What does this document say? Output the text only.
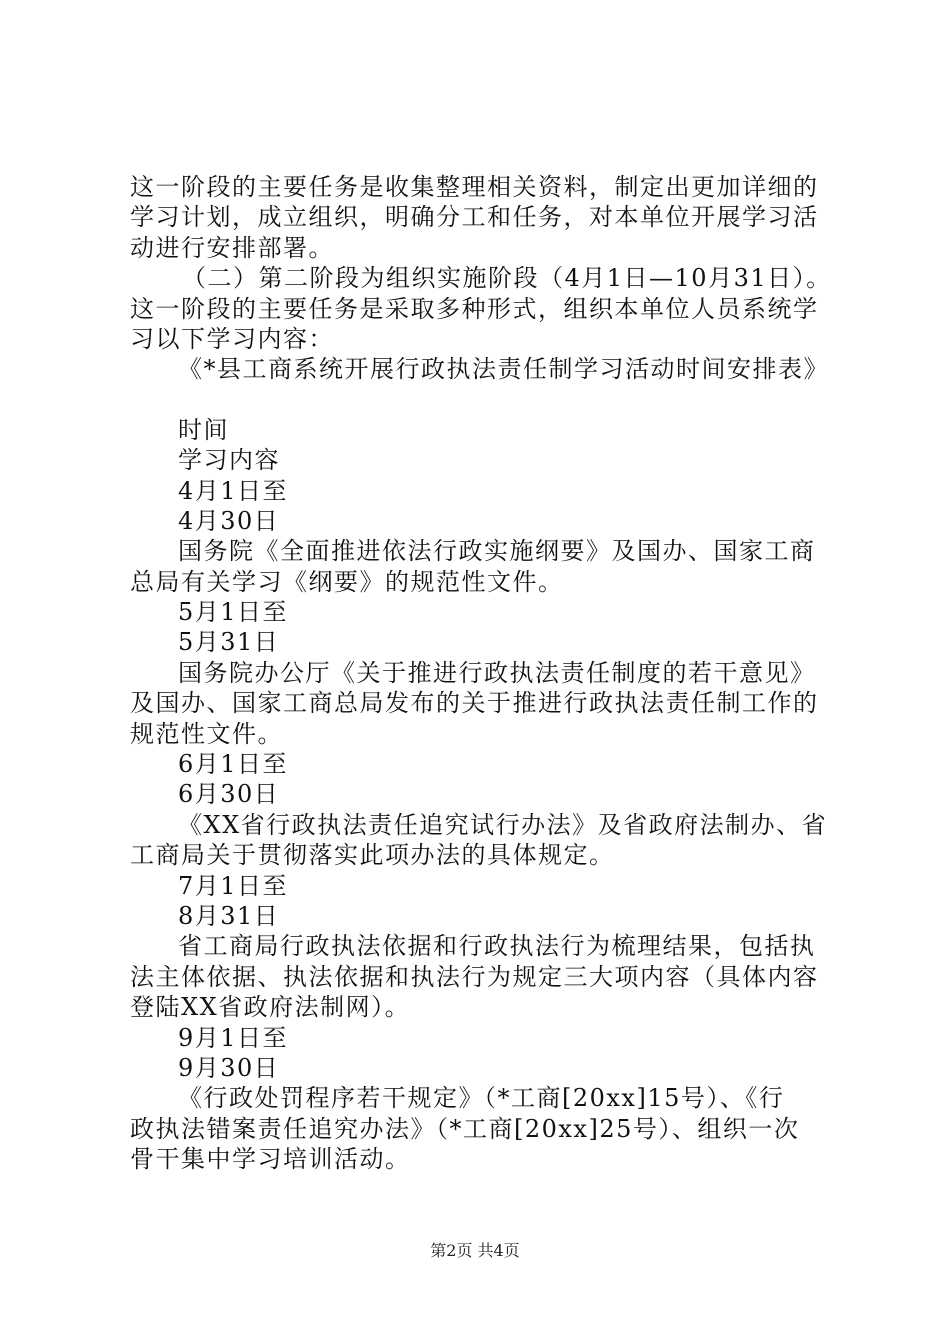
这一阶段的主要任务是收集整理相关资料，制定出更加详细的
学习计划，成立组织，明确分工和任务，对本单位开展学习活
动进行安排部署。
（二）第二阶段为组织实施阶段（4月1日—10月31日）。
这一阶段的主要任务是采取多种形式，组织本单位人员系统学
习以下学习内容：
《*县工商系统开展行政执法责任制学习活动时间安排表》
时间
学习内容
4月1日至
4月30日
国务院《全面推进依法行政实施纲要》及国办、国家工商
总局有关学习《纲要》的规范性文件。
5月1日至
5月31日
国务院办公厅《关于推进行政执法责任制度的若干意见》
及国办、国家工商总局发布的关于推进行政执法责任制工作的
规范性文件。
6月1日至
6月30日
《XX省行政执法责任追究试行办法》及省政府法制办、省
工商局关于贯彻落实此项办法的具体规定。
7月1日至
8月31日
省工商局行政执法依据和行政执法行为梳理结果，包括执
法主体依据、执法依据和执法行为规定三大项内容（具体内容
登陆XX省政府法制网）。
9月1日至
9月30日
《行政处罚程序若干规定》（*工商[20xx]15号）、《行
政执法错案责任追究办法》（*工商[20xx]25号）、组织一次
骨干集中学习培训活动。
第2页 共4页
